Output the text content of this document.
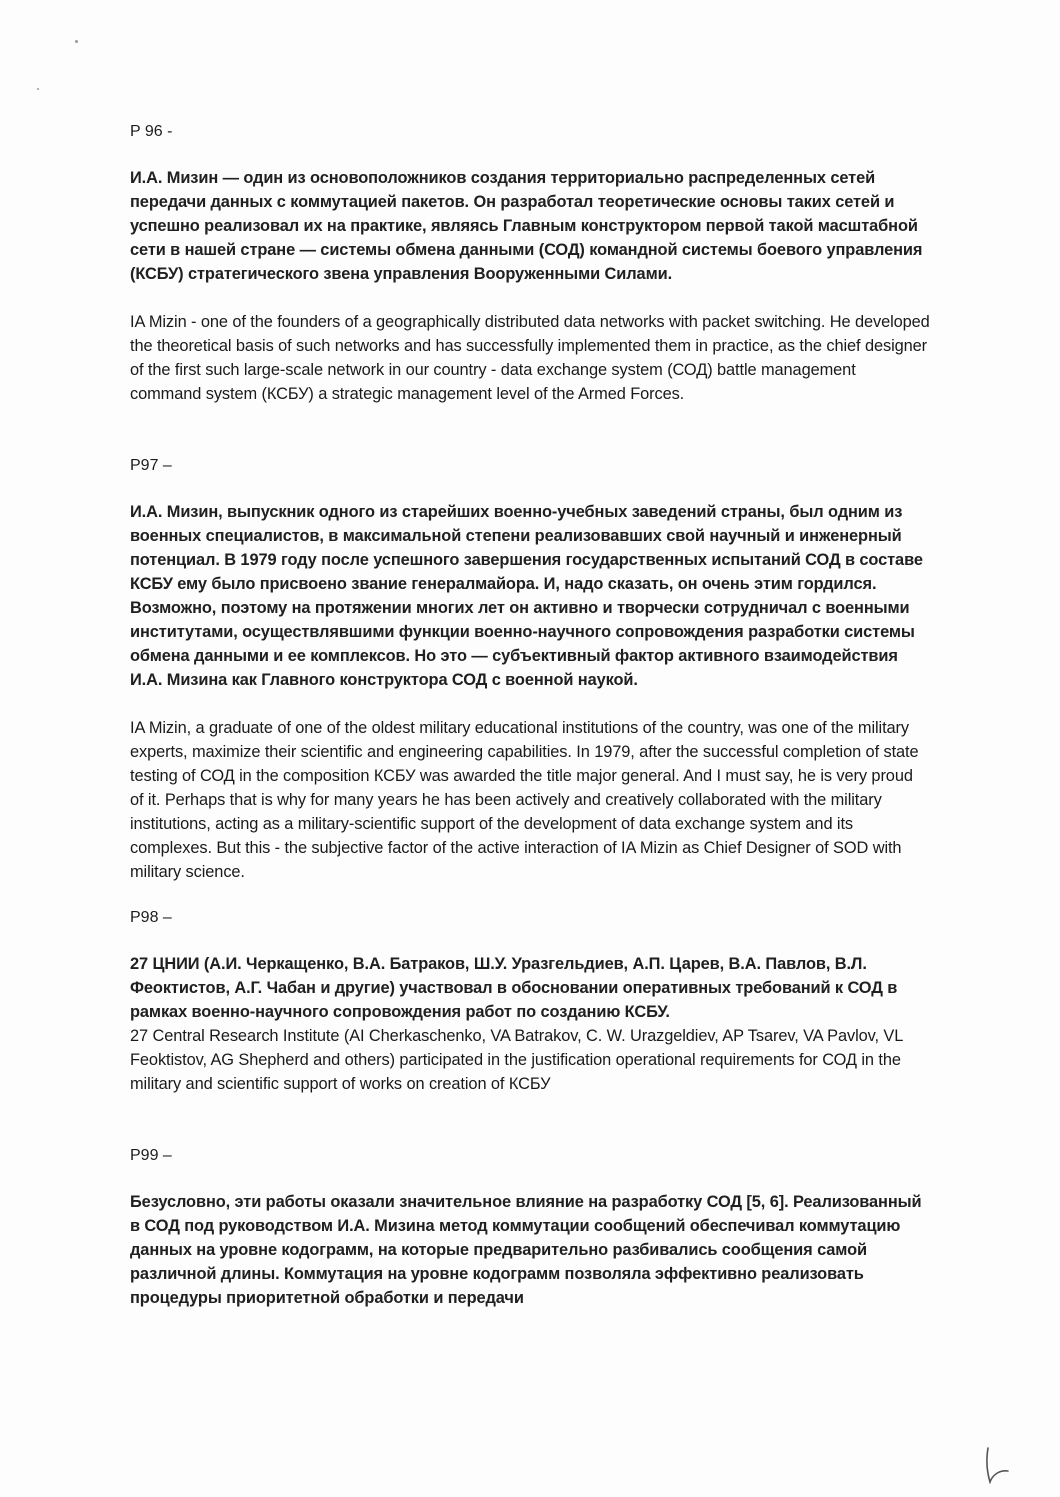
P 96 -

И.А. Мизин — один из основоположников создания территориально распределенных сетей передачи данных с коммутацией пакетов. Он разработал теоретические основы таких сетей и успешно реализовал их на практике, являясь Главным конструктором первой такой масштабной сети в нашей стране — системы обмена данными (СОД) командной системы боевого управления (КСБУ) стратегического звена управления Вооруженными Силами.

IA Mizin - one of the founders of a geographically distributed data networks with packet switching. He developed the theoretical basis of such networks and has successfully implemented them in practice, as the chief designer of the first such large-scale network in our country - data exchange system (СОД) battle management command system (КСБУ) a strategic management level of the Armed Forces.

P97 –

И.А. Мизин, выпускник одного из старейших военно-учебных заведений страны, был одним из военных специалистов, в максимальной степени реализовавших свой научный и инженерный потенциал. В 1979 году после успешного завершения государственных испытаний СОД в составе КСБУ ему было присвоено звание генералмайора. И, надо сказать, он очень этим гордился. Возможно, поэтому на протяжении многих лет он активно и творчески сотрудничал с военными институтами, осуществлявшими функции военно-научного сопровождения разработки системы обмена данными и ее комплексов. Но это — субъективный фактор активного взаимодействия И.А. Мизина как Главного конструктора СОД с военной наукой.

IA Mizin, a graduate of one of the oldest military educational institutions of the country, was one of the military experts, maximize their scientific and engineering capabilities. In 1979, after the successful completion of state testing of СОД in the composition КСБУ was awarded the title major general. And I must say, he is very proud of it. Perhaps that is why for many years he has been actively and creatively collaborated with the military institutions, acting as a military-scientific support of the development of data exchange system and its complexes. But this - the subjective factor of the active interaction of IA Mizin as Chief Designer of SOD with military science.

P98 –

27 ЦНИИ (А.И. Черкащенко, В.А. Батраков, Ш.У. Уразгельдиев, А.П. Царев, В.А. Павлов, В.Л. Феоктистов, А.Г. Чабан и другие) участвовал в обосновании оперативных требований к СОД в рамках военно-научного сопровождения работ по созданию КСБУ.

27 Central Research Institute (AI Cherkaschenko, VA Batrakov, C. W. Urazgeldiev, AP Tsarev, VA Pavlov, VL Feoktistov, AG Shepherd and others) participated in the justification operational requirements for СОД in the military and scientific support of works on creation of КСБУ

P99 –

Безусловно, эти работы оказали значительное влияние на разработку СОД [5, 6]. Реализованный в СОД под руководством И.А. Мизина метод коммутации сообщений обеспечивал коммутацию данных на уровне кодограмм, на которые предварительно разбивались сообщения самой различной длины. Коммутация на уровне кодограмм позволяла эффективно реализовать процедуры приоритетной обработки и передачи
